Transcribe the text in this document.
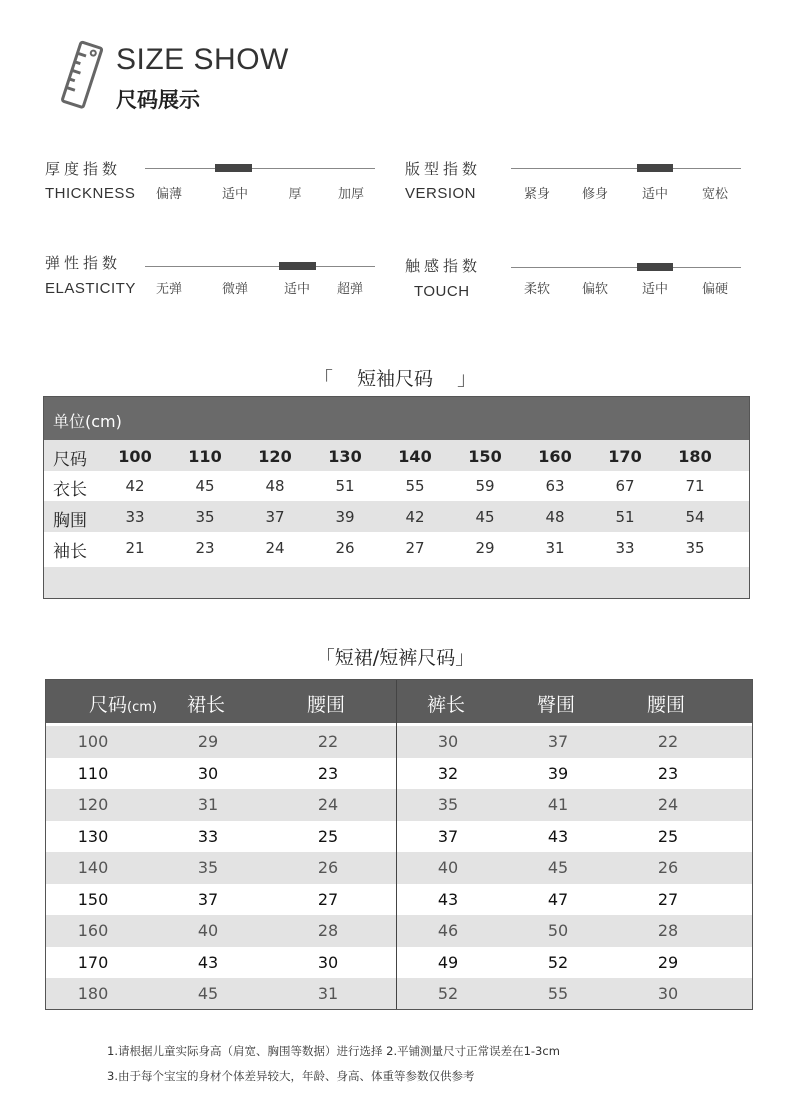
SIZE SHOW
尺码展示
厚度指数
THICKNESS	偏薄	适中	厚	加厚
版型指数
VERSION	紧身	修身	适中	宽松
弹性指数
ELASTICITY	无弹	微弹	适中	超弹
触感指数
TOUCH	柔软	偏软	适中	偏硬
「    短袖尺码    」
单位(cm)
尺码	100	110	120	130	140	150	160	170	180
衣长	42	45	48	51	55	59	63	67	71
胸围	33	35	37	39	42	45	48	51	54
袖长	21	23	24	26	27	29	31	33	35
「短裙/短裤尺码」
尺码(cm)	裙长	腰围	裤长	臀围	腰围
100	29	22	30	37	22
110	30	23	32	39	23
120	31	24	35	41	24
130	33	25	37	43	25
140	35	26	40	45	26
150	37	27	43	47	27
160	40	28	46	50	28
170	43	30	49	52	29
180	45	31	52	55	30
1.请根据儿童实际身高（肩宽、胸围等数据）进行选择 2.平铺测量尺寸正常误差在1-3cm
3.由于每个宝宝的身材个体差异较大，年龄、身高、体重等参数仅供参考
